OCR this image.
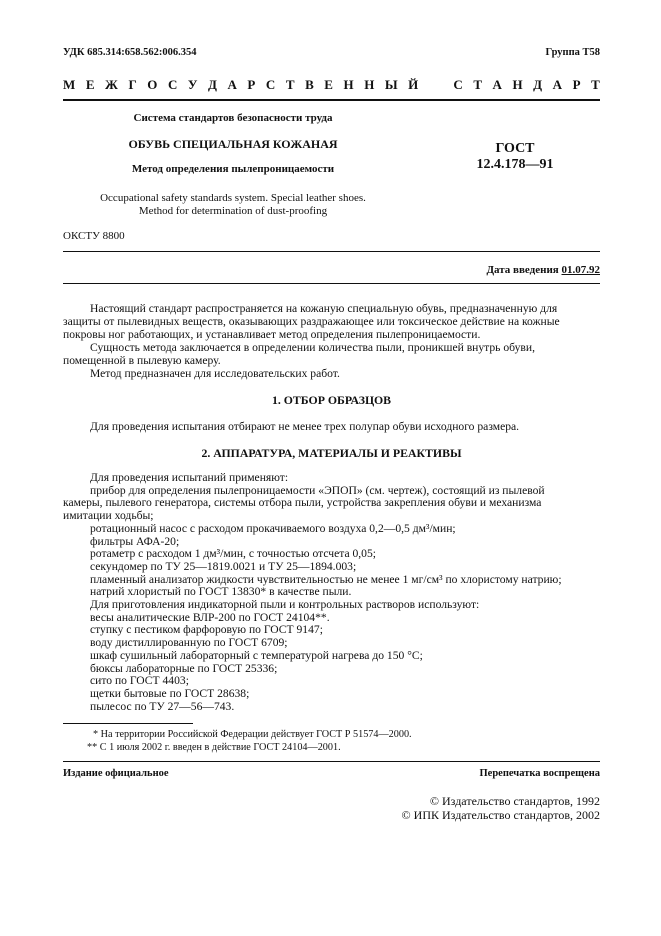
УДК 685.314:658.562:006.354	Группа Т58
М Е Ж Г О С У Д А Р С Т В Е Н Н Ы Й	С Т А Н Д А Р Т
Система стандартов безопасности труда
ОБУВЬ СПЕЦИАЛЬНАЯ КОЖАНАЯ
Метод определения пылепроницаемости
Occupational safety standards system. Special leather shoes.
Method for determination of dust-proofing
ГОСТ
12.4.178—91
ОКСТУ 8800
Дата введения 01.07.92
Настоящий стандарт распространяется на кожаную специальную обувь, предназначенную для
защиты от пылевидных веществ, оказывающих раздражающее или токсическое действие на кожные
покровы ног работающих, и устанавливает метод определения пылепроницаемости.
Сущность метода заключается в определении количества пыли, проникшей внутрь обуви,
помещенной в пылевую камеру.
Метод предназначен для исследовательских работ.
1. ОТБОР ОБРАЗЦОВ
Для проведения испытания отбирают не менее трех полупар обуви исходного размера.
2. АППАРАТУРА, МАТЕРИАЛЫ И РЕАКТИВЫ
Для проведения испытаний применяют:
прибор для определения пылепроницаемости «ЭПОП» (см. чертеж), состоящий из пылевой
камеры, пылевого генератора, системы отбора пыли, устройства закрепления обуви и механизма
имитации ходьбы;
ротационный насос с расходом прокачиваемого воздуха 0,2—0,5 дм³/мин;
фильтры АФА-20;
ротаметр с расходом 1 дм³/мин, с точностью отсчета 0,05;
секундомер по ТУ 25—1819.0021 и ТУ 25—1894.003;
пламенный анализатор жидкости чувствительностью не менее 1 мг/см³ по хлористому натрию;
натрий хлористый по ГОСТ 13830* в качестве пыли.
Для приготовления индикаторной пыли и контрольных растворов используют:
весы аналитические ВЛР-200 по ГОСТ 24104**.
ступку с пестиком фарфоровую по ГОСТ 9147;
воду дистиллированную по ГОСТ 6709;
шкаф сушильный лабораторный с температурой нагрева до 150 °С;
бюксы лабораторные по ГОСТ 25336;
сито по ГОСТ 4403;
щетки бытовые по ГОСТ 28638;
пылесос по ТУ 27—56—743.
* На территории Российской Федерации действует ГОСТ Р 51574—2000.
** С 1 июля 2002 г. введен в действие ГОСТ 24104—2001.
Издание официальное	Перепечатка воспрещена
© Издательство стандартов, 1992
© ИПК Издательство стандартов, 2002
